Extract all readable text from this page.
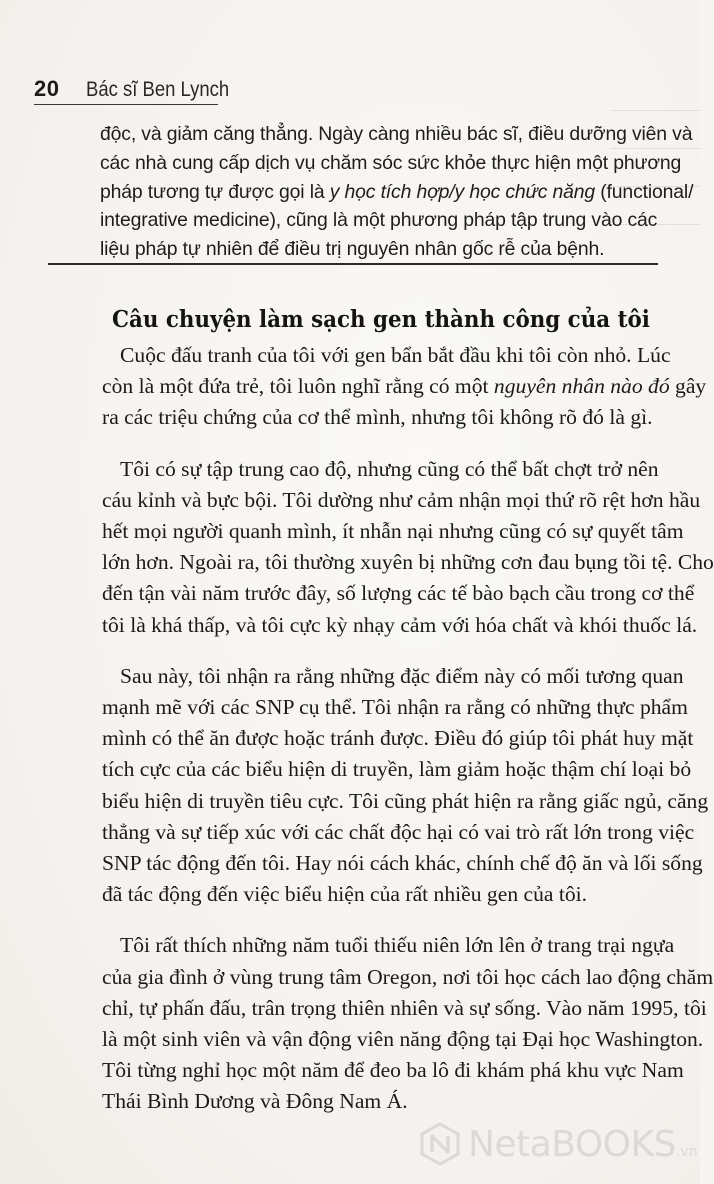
20	Bác sĩ Ben Lynch

độc, và giảm căng thẳng. Ngày càng nhiều bác sĩ, điều dưỡng viên và
các nhà cung cấp dịch vụ chăm sóc sức khỏe thực hiện một phương
pháp tương tự được gọi là y học tích hợp/y học chức năng (functional/
integrative medicine), cũng là một phương pháp tập trung vào các
liệu pháp tự nhiên để điều trị nguyên nhân gốc rễ của bệnh.

Câu chuyện làm sạch gen thành công của tôi

Cuộc đấu tranh của tôi với gen bẩn bắt đầu khi tôi còn nhỏ. Lúc
còn là một đứa trẻ, tôi luôn nghĩ rằng có một nguyên nhân nào đó gây
ra các triệu chứng của cơ thể mình, nhưng tôi không rõ đó là gì.

Tôi có sự tập trung cao độ, nhưng cũng có thể bất chợt trở nên
cáu kỉnh và bực bội. Tôi dường như cảm nhận mọi thứ rõ rệt hơn hầu
hết mọi người quanh mình, ít nhẫn nại nhưng cũng có sự quyết tâm
lớn hơn. Ngoài ra, tôi thường xuyên bị những cơn đau bụng tồi tệ. Cho
đến tận vài năm trước đây, số lượng các tế bào bạch cầu trong cơ thể
tôi là khá thấp, và tôi cực kỳ nhạy cảm với hóa chất và khói thuốc lá.

Sau này, tôi nhận ra rằng những đặc điểm này có mối tương quan
mạnh mẽ với các SNP cụ thể. Tôi nhận ra rằng có những thực phẩm
mình có thể ăn được hoặc tránh được. Điều đó giúp tôi phát huy mặt
tích cực của các biểu hiện di truyền, làm giảm hoặc thậm chí loại bỏ
biểu hiện di truyền tiêu cực. Tôi cũng phát hiện ra rằng giấc ngủ, căng
thẳng và sự tiếp xúc với các chất độc hại có vai trò rất lớn trong việc
SNP tác động đến tôi. Hay nói cách khác, chính chế độ ăn và lối sống
đã tác động đến việc biểu hiện của rất nhiều gen của tôi.

Tôi rất thích những năm tuổi thiếu niên lớn lên ở trang trại ngựa
của gia đình ở vùng trung tâm Oregon, nơi tôi học cách lao động chăm
chỉ, tự phấn đấu, trân trọng thiên nhiên và sự sống. Vào năm 1995, tôi
là một sinh viên và vận động viên năng động tại Đại học Washington.
Tôi từng nghỉ học một năm để đeo ba lô đi khám phá khu vực Nam
Thái Bình Dương và Đông Nam Á.

NetaBOOKS.vn
